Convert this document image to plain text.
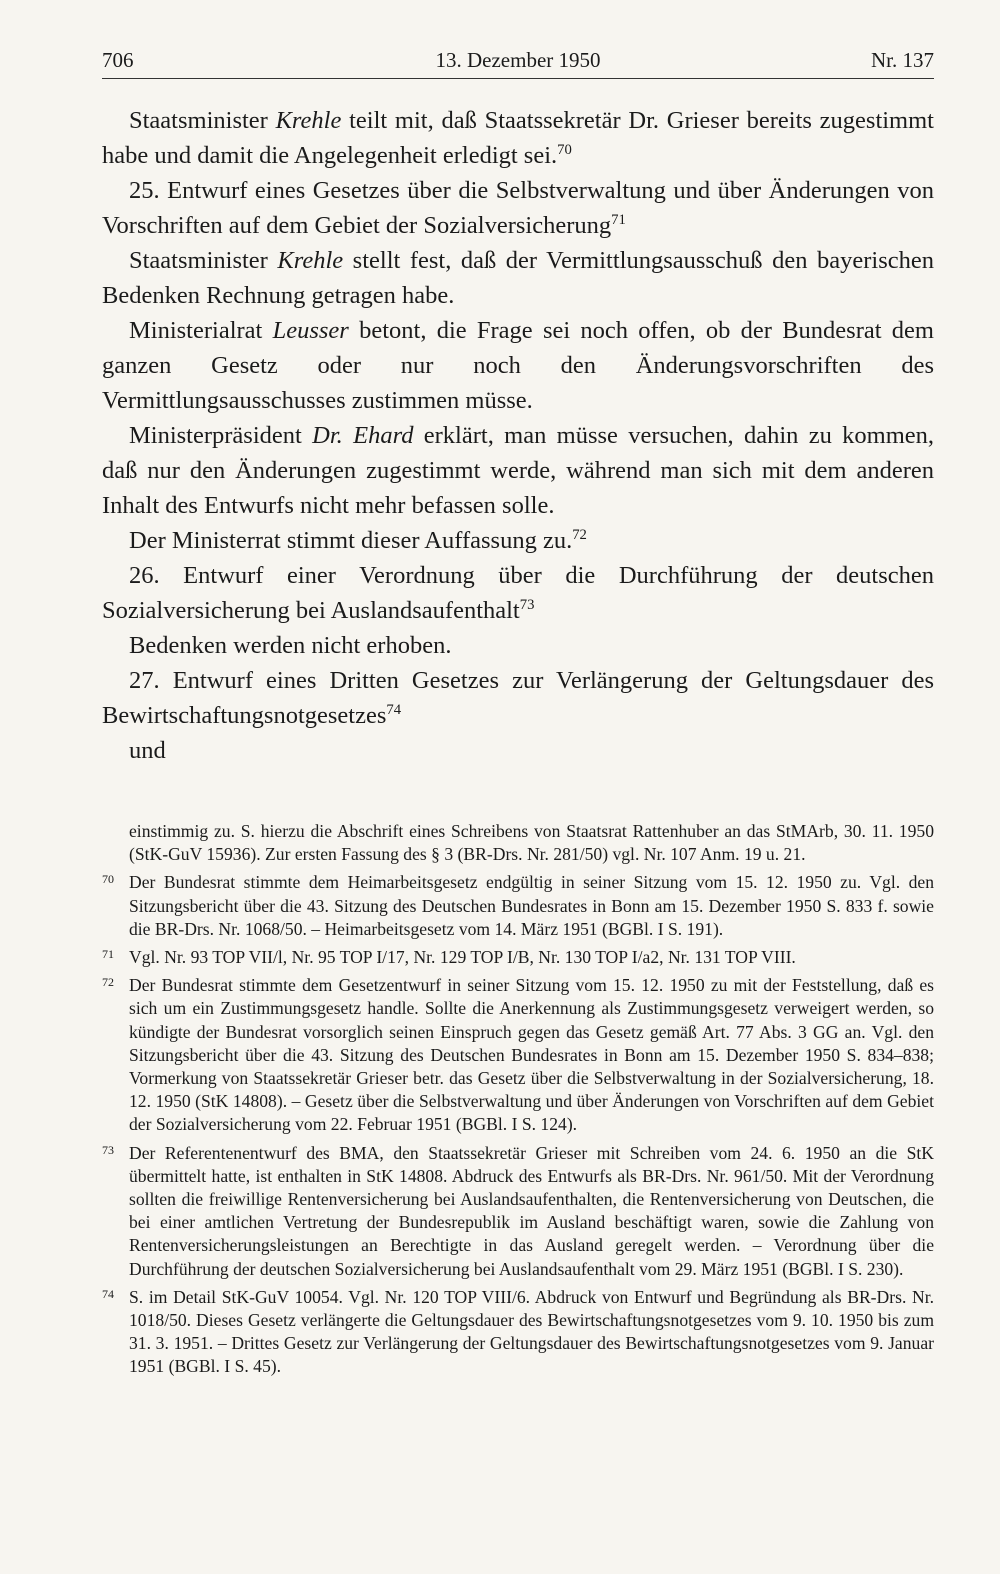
706	13. Dezember 1950	Nr. 137

Staatsminister Krehle teilt mit, daß Staatssekretär Dr. Grieser bereits zugestimmt habe und damit die Angelegenheit erledigt sei.$^{70}$

25. Entwurf eines Gesetzes über die Selbstverwaltung und über Änderungen von Vorschriften auf dem Gebiet der Sozialversicherung$^{71}$

Staatsminister Krehle stellt fest, daß der Vermittlungsausschuß den bayerischen Bedenken Rechnung getragen habe.

Ministerialrat Leusser betont, die Frage sei noch offen, ob der Bundesrat dem ganzen Gesetz oder nur noch den Änderungsvorschriften des Vermittlungsausschusses zustimmen müsse.

Ministerpräsident Dr. Ehard erklärt, man müsse versuchen, dahin zu kommen, daß nur den Änderungen zugestimmt werde, während man sich mit dem anderen Inhalt des Entwurfs nicht mehr befassen solle.

Der Ministerrat stimmt dieser Auffassung zu.$^{72}$

26. Entwurf einer Verordnung über die Durchführung der deutschen Sozialversicherung bei Auslandsaufenthalt$^{73}$

Bedenken werden nicht erhoben.

27. Entwurf eines Dritten Gesetzes zur Verlängerung der Geltungsdauer des Bewirtschaftungsnotgesetzes$^{74}$

und

einstimmig zu. S. hierzu die Abschrift eines Schreibens von Staatsrat Rattenhuber an das StMArb, 30. 11. 1950 (StK-GuV 15936). Zur ersten Fassung des § 3 (BR-Drs. Nr. 281/50) vgl. Nr. 107 Anm. 19 u. 21.
70 Der Bundesrat stimmte dem Heimarbeitsgesetz endgültig in seiner Sitzung vom 15. 12. 1950 zu. Vgl. den Sitzungsbericht über die 43. Sitzung des Deutschen Bundesrates in Bonn am 15. Dezember 1950 S. 833 f. sowie die BR-Drs. Nr. 1068/50. – Heimarbeitsgesetz vom 14. März 1951 (BGBl. I S. 191).
71 Vgl. Nr. 93 TOP VII/l, Nr. 95 TOP I/17, Nr. 129 TOP I/B, Nr. 130 TOP I/a2, Nr. 131 TOP VIII.
72 Der Bundesrat stimmte dem Gesetzentwurf in seiner Sitzung vom 15. 12. 1950 zu mit der Feststellung, daß es sich um ein Zustimmungsgesetz handle. Sollte die Anerkennung als Zustimmungsgesetz verweigert werden, so kündigte der Bundesrat vorsorglich seinen Einspruch gegen das Gesetz gemäß Art. 77 Abs. 3 GG an. Vgl. den Sitzungsbericht über die 43. Sitzung des Deutschen Bundesrates in Bonn am 15. Dezember 1950 S. 834–838; Vormerkung von Staatssekretär Grieser betr. das Gesetz über die Selbstverwaltung in der Sozialversicherung, 18. 12. 1950 (StK 14808). – Gesetz über die Selbstverwaltung und über Änderungen von Vorschriften auf dem Gebiet der Sozialversicherung vom 22. Februar 1951 (BGBl. I S. 124).
73 Der Referentenentwurf des BMA, den Staatssekretär Grieser mit Schreiben vom 24. 6. 1950 an die StK übermittelt hatte, ist enthalten in StK 14808. Abdruck des Entwurfs als BR-Drs. Nr. 961/50. Mit der Verordnung sollten die freiwillige Rentenversicherung bei Auslandsaufenthalten, die Rentenversicherung von Deutschen, die bei einer amtlichen Vertretung der Bundesrepublik im Ausland beschäftigt waren, sowie die Zahlung von Rentenversicherungsleistungen an Berechtigte in das Ausland geregelt werden. – Verordnung über die Durchführung der deutschen Sozialversicherung bei Auslandsaufenthalt vom 29. März 1951 (BGBl. I S. 230).
74 S. im Detail StK-GuV 10054. Vgl. Nr. 120 TOP VIII/6. Abdruck von Entwurf und Begründung als BR-Drs. Nr. 1018/50. Dieses Gesetz verlängerte die Geltungsdauer des Bewirtschaftungsnotgesetzes vom 9. 10. 1950 bis zum 31. 3. 1951. – Drittes Gesetz zur Verlängerung der Geltungsdauer des Bewirtschaftungsnotgesetzes vom 9. Januar 1951 (BGBl. I S. 45).
